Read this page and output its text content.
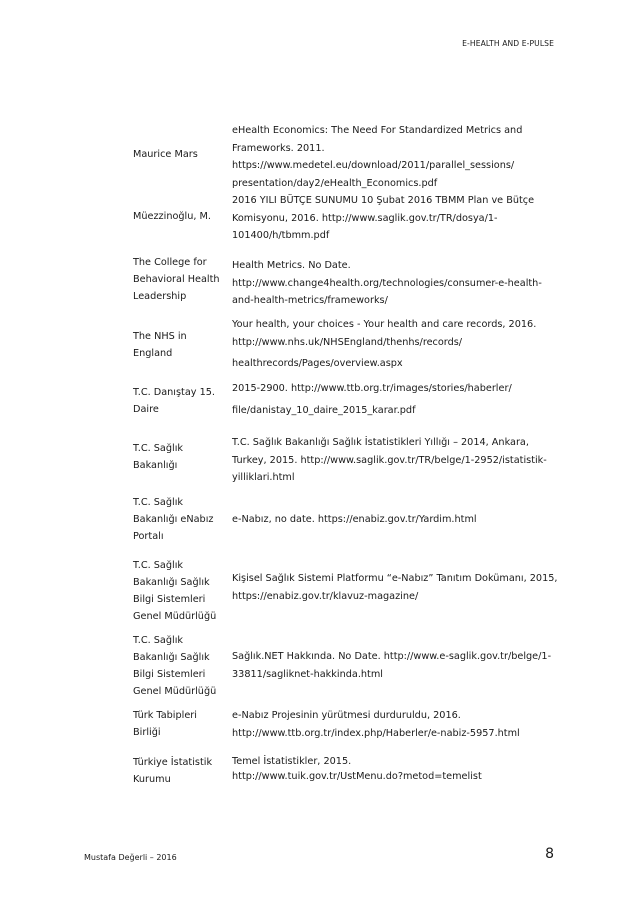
E-HEALTH AND E-PULSE
Maurice Mars
eHealth Economics: The Need For Standardized Metrics and
Frameworks. 2011.
https://www.medetel.eu/download/2011/parallel_sessions/
presentation/day2/eHealth_Economics.pdf
Müezzinoğlu, M.
2016 YILI BÜTÇE SUNUMU 10 Şubat 2016 TBMM Plan ve Bütçe
Komisyonu, 2016. http://www.saglik.gov.tr/TR/dosya/1-
101400/h/tbmm.pdf
The College for
Behavioral Health
Leadership
Health Metrics. No Date.
http://www.change4health.org/technologies/consumer-e-health-
and-health-metrics/frameworks/
The NHS in
England
Your health, your choices - Your health and care records, 2016.
http://www.nhs.uk/NHSEngland/thenhs/records/
healthrecords/Pages/overview.aspx
T.C. Danıştay 15.
Daire
2015-2900. http://www.ttb.org.tr/images/stories/haberler/
file/danistay_10_daire_2015_karar.pdf
T.C. Sağlık
Bakanlığı
T.C. Sağlık Bakanlığı Sağlık İstatistikleri Yıllığı – 2014, Ankara,
Turkey, 2015. http://www.saglik.gov.tr/TR/belge/1-2952/istatistik-
yilliklari.html
T.C. Sağlık
Bakanlığı eNabız
Portalı
e-Nabız, no date. https://enabiz.gov.tr/Yardim.html
T.C. Sağlık
Bakanlığı Sağlık
Bilgi Sistemleri
Genel Müdürlüğü
Kişisel Sağlık Sistemi Platformu “e-Nabız” Tanıtım Dokümanı, 2015,
https://enabiz.gov.tr/klavuz-magazine/
T.C. Sağlık
Bakanlığı Sağlık
Bilgi Sistemleri
Genel Müdürlüğü
Sağlık.NET Hakkında. No Date. http://www.e-saglik.gov.tr/belge/1-
33811/sagliknet-hakkinda.html
Türk Tabipleri
Birliği
e-Nabız Projesinin yürütmesi durduruldu, 2016.
http://www.ttb.org.tr/index.php/Haberler/e-nabiz-5957.html
Türkiye İstatistik
Kurumu
Temel İstatistikler, 2015.
http://www.tuik.gov.tr/UstMenu.do?metod=temelist
Mustafa Değerli – 2016	8
